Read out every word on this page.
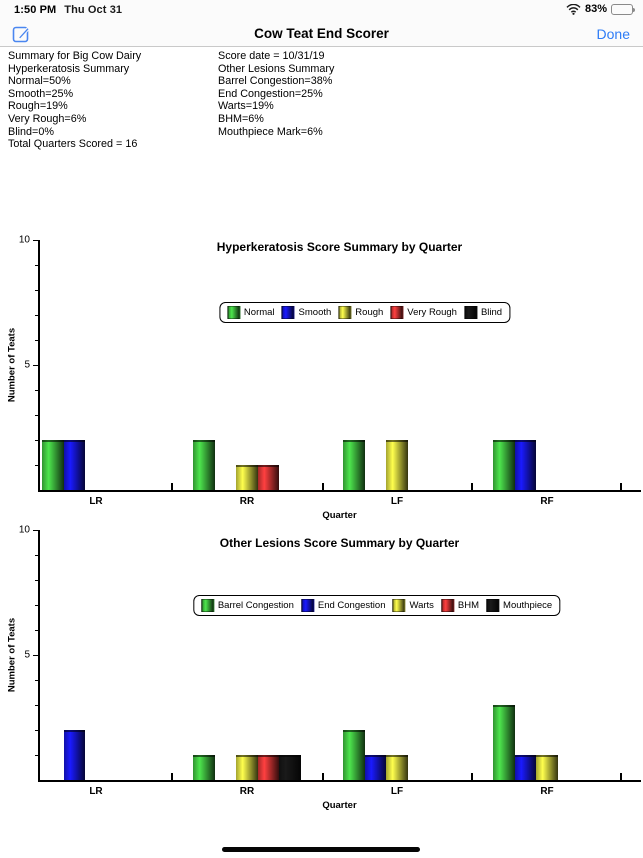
1:50 PM Thu Oct 31	83%
Cow Teat End Scorer	Done
Summary for Big Cow Dairy
Hyperkeratosis Summary
Normal=50%
Smooth=25%
Rough=19%
Very Rough=6%
Blind=0%
Score date = 10/31/19
Other Lesions Summary
Barrel Congestion=38%
End Congestion=25%
Warts=19%
BHM=6%
Mouthpiece Mark=6%
Total Quarters Scored = 16
Hyperkeratosis Score Summary by Quarter
5
10
LR	RR	LF	RF
Quarter
Number of Teats
Normal	Smooth	Rough	Very Rough	Blind
Other Lesions Score Summary by Quarter
5
10
LR	RR	LF	RF
Quarter
Number of Teats
Barrel Congestion	End Congestion	Warts	BHM	Mouthpiece
